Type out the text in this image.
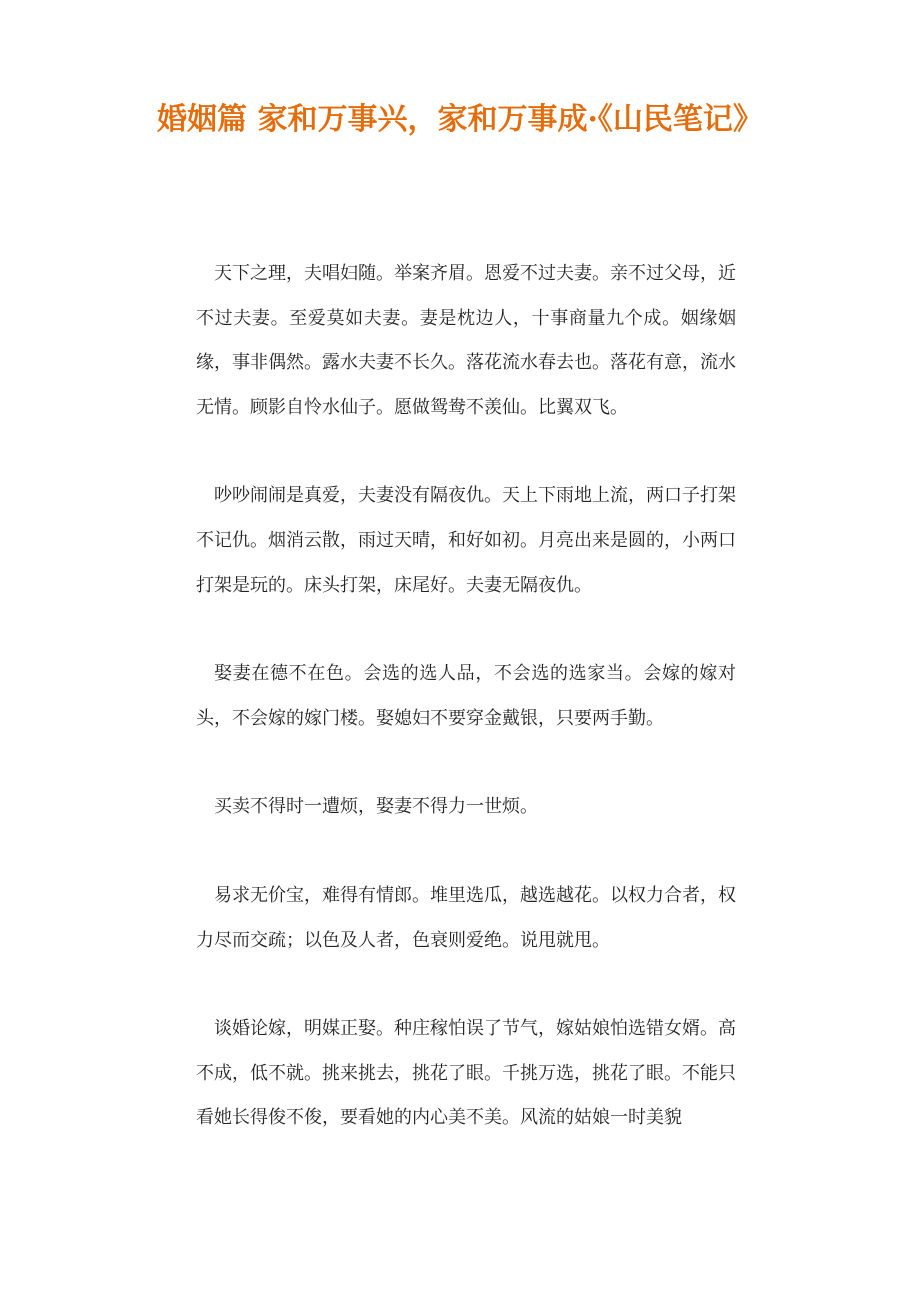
婚姻篇 家和万事兴，家和万事成·《山民笔记》

天下之理，夫唱妇随。举案齐眉。恩爱不过夫妻。亲不过父母，近不过夫妻。至爱莫如夫妻。妻是枕边人，十事商量九个成。姻缘姻缘，事非偶然。露水夫妻不长久。落花流水春去也。落花有意，流水无情。顾影自怜水仙子。愿做鸳鸯不羡仙。比翼双飞。

吵吵闹闹是真爱，夫妻没有隔夜仇。天上下雨地上流，两口子打架不记仇。烟消云散，雨过天晴，和好如初。月亮出来是圆的，小两口打架是玩的。床头打架，床尾好。夫妻无隔夜仇。

娶妻在德不在色。会选的选人品，不会选的选家当。会嫁的嫁对头，不会嫁的嫁门楼。娶媳妇不要穿金戴银，只要两手勤。

买卖不得时一遭烦，娶妻不得力一世烦。

易求无价宝，难得有情郎。堆里选瓜，越选越花。以权力合者，权力尽而交疏；以色及人者，色衰则爱绝。说甩就甩。

谈婚论嫁，明媒正娶。种庄稼怕误了节气，嫁姑娘怕选错女婿。高不成，低不就。挑来挑去，挑花了眼。千挑万选，挑花了眼。不能只看她长得俊不俊，要看她的内心美不美。风流的姑娘一时美貌
